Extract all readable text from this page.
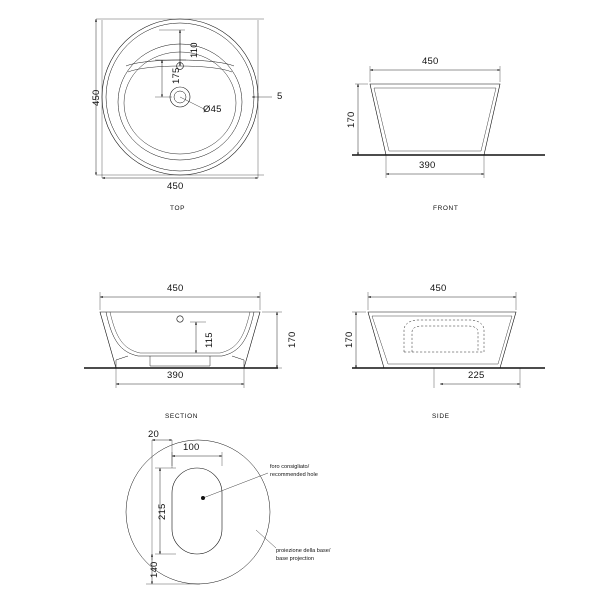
450
450
110
175
Ø45
5
TOP
450
170
390
FRONT
450
170
115
390
SECTION
450
170
225
SIDE
20
100
215
140
foro consigliato/
recommended hole
proiezione della base/
base projection
